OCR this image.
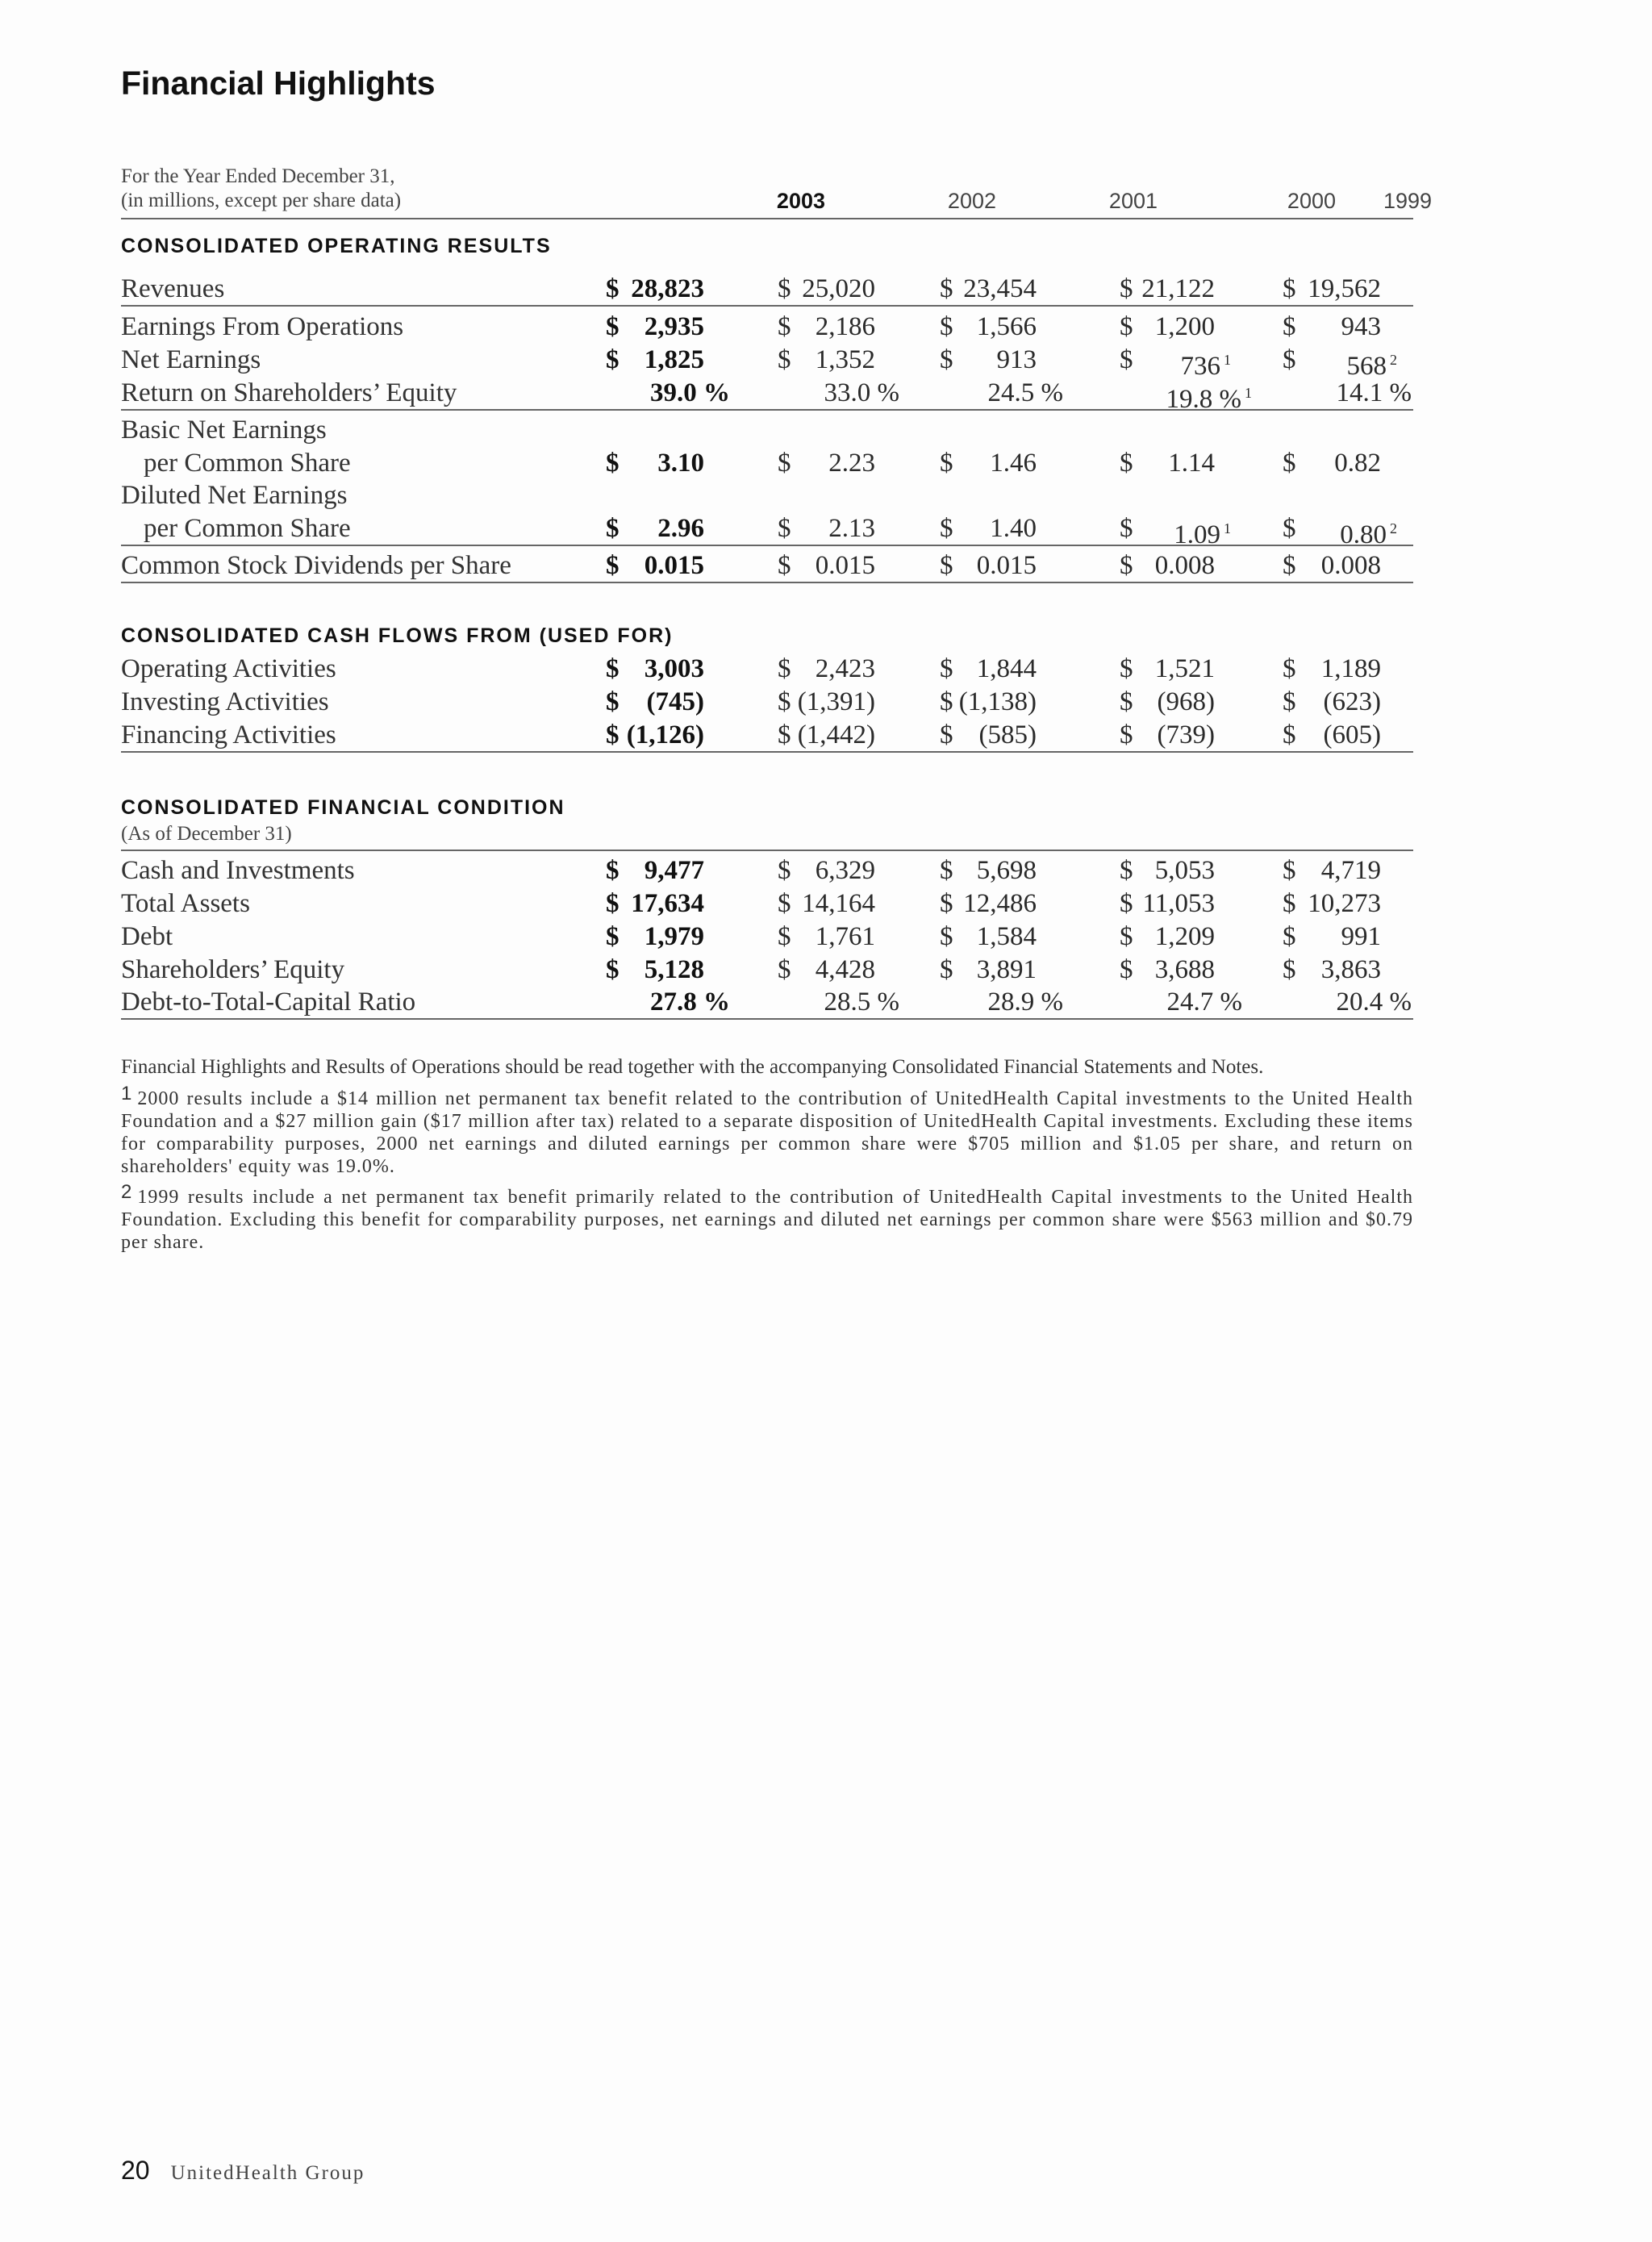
Financial Highlights
For the Year Ended December 31,
(in millions, except per share data)	2003	2002	2001	2000 1999
CONSOLIDATED OPERATING RESULTS
Revenues	$ 28,823	$ 25,020 $ 23,454	$ 21,122	$ 19,562
Earnings From Operations	$ 2,935	$ 2,186 $ 1,566	$ 1,200	$ 943
Net Earnings	$ 1,825	$ 1,352 $ 913	$ 736 $^1$ $ 568 $^2$
Return on Shareholders’ Equity	39.0 %	33.0 %	24.5 %	19.8 % $^1$	14.1 %
Basic Net Earnings
per Common Share	$ 3.10	$ 2.23 $ 1.46	$ 1.14	$ 0.82
Diluted Net Earnings
per Common Share	$ 2.96	$ 2.13 $ 1.40	$ 1.09 $^1$ $ 0.80 $^2$
Common Stock Dividends per Share	$ 0.015	$ 0.015 $ 0.015	$ 0.008	$ 0.008
CONSOLIDATED CASH FLOWS FROM (USED FOR)
Operating Activities	$ 3,003	$ 2,423 $ 1,844	$ 1,521	$ 1,189
Investing Activities	$ (745)	$ (1,391) $ (1,138)	$ (968)	$ (623)
Financing Activities	$ (1,126)	$ (1,442) $ (585)	$ (739)	$ (605)
CONSOLIDATED FINANCIAL CONDITION
(As of December 31)
Cash and Investments	$ 9,477	$ 6,329 $ 5,698	$ 5,053	$ 4,719
Total Assets	$ 17,634	$ 14,164 $ 12,486	$ 11,053	$ 10,273
Debt	$ 1,979	$ 1,761 $ 1,584	$ 1,209	$ 991
Shareholders’ Equity	$ 5,128	$ 4,428 $ 3,891	$ 3,688	$ 3,863
Debt-to-Total-Capital Ratio	27.8 %	28.5 %	28.9 %	24.7 %	20.4 %
Financial Highlights and Results of Operations should be read together with the accompanying Consolidated Financial Statements and Notes.
1 2000 results include a $14 million net permanent tax benefit related to the contribution of UnitedHealth Capital investments to the United Health Foundation and a $27 million gain ($17 million after tax) related to a separate disposition of UnitedHealth Capital investments. Excluding these items for comparability purposes, 2000 net earnings and diluted earnings per common share were $705 million and $1.05 per share, and return on shareholders' equity was 19.0%.
2 1999 results include a net permanent tax benefit primarily related to the contribution of UnitedHealth Capital investments to the United Health Foundation. Excluding this benefit for comparability purposes, net earnings and diluted net earnings per common share were $563 million and $0.79 per share.
20 UnitedHealth Group
